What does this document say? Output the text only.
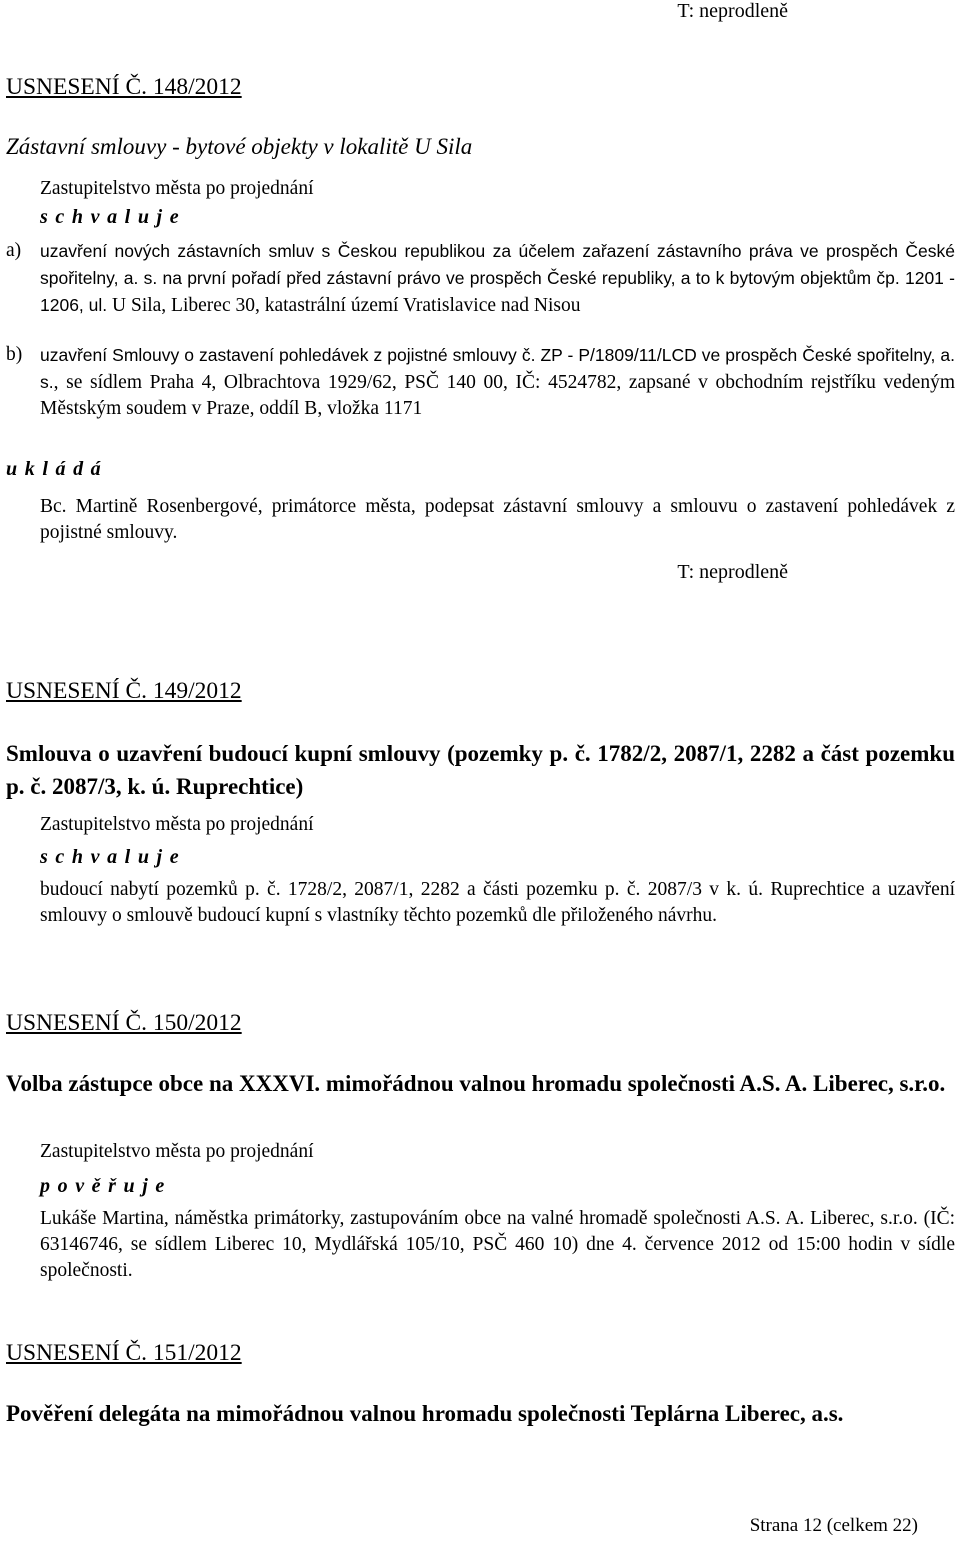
T: neprodleně
USNESENÍ Č. 148/2012
Zástavní smlouvy - bytové objekty v lokalitě U Sila
Zastupitelstvo města po projednání
s c h v a l u j e
a) uzavření nových zástavních smluv s Českou republikou za účelem zařazení zástavního práva ve prospěch České spořitelny, a. s. na první pořadí před zástavní právo ve prospěch České republiky, a to k bytovým objektům čp. 1201 - 1206, ul. U Sila, Liberec 30, katastrální území Vratislavice nad Nisou
b) uzavření Smlouvy o zastavení pohledávek z pojistné smlouvy č. ZP - P/1809/11/LCD ve prospěch České spořitelny, a. s., se sídlem Praha 4, Olbrachtova 1929/62, PSČ 140 00, IČ: 4524782, zapsané v obchodním rejstříku vedeným Městským soudem v Praze, oddíl B, vložka 1171
u k l á d á
Bc. Martině Rosenbergové, primátorce města, podepsat zástavní smlouvy a smlouvu o zastavení pohledávek z pojistné smlouvy.
T: neprodleně
USNESENÍ Č. 149/2012
Smlouva o uzavření budoucí kupní smlouvy (pozemky p. č. 1782/2, 2087/1, 2282 a část pozemku p. č. 2087/3, k. ú. Ruprechtice)
Zastupitelstvo města po projednání
s c h v a l u j e
budoucí nabytí pozemků p. č. 1728/2, 2087/1, 2282 a části pozemku p. č. 2087/3 v k. ú. Ruprechtice a uzavření smlouvy o smlouvě budoucí kupní s vlastníky těchto pozemků dle přiloženého návrhu.
USNESENÍ Č. 150/2012
Volba zástupce obce na XXXVI. mimořádnou valnou hromadu společnosti A.S. A. Liberec, s.r.o.
Zastupitelstvo města po projednání
p o v ě ř u j e
Lukáše Martina, náměstka primátorky, zastupováním obce na valné hromadě společnosti A.S. A. Liberec, s.r.o. (IČ: 63146746, se sídlem Liberec 10, Mydlářská 105/10, PSČ 460 10) dne 4. července 2012 od 15:00 hodin v sídle společnosti.
USNESENÍ Č. 151/2012
Pověření delegáta na mimořádnou valnou hromadu společnosti Teplárna Liberec, a.s.
Strana 12 (celkem 22)
